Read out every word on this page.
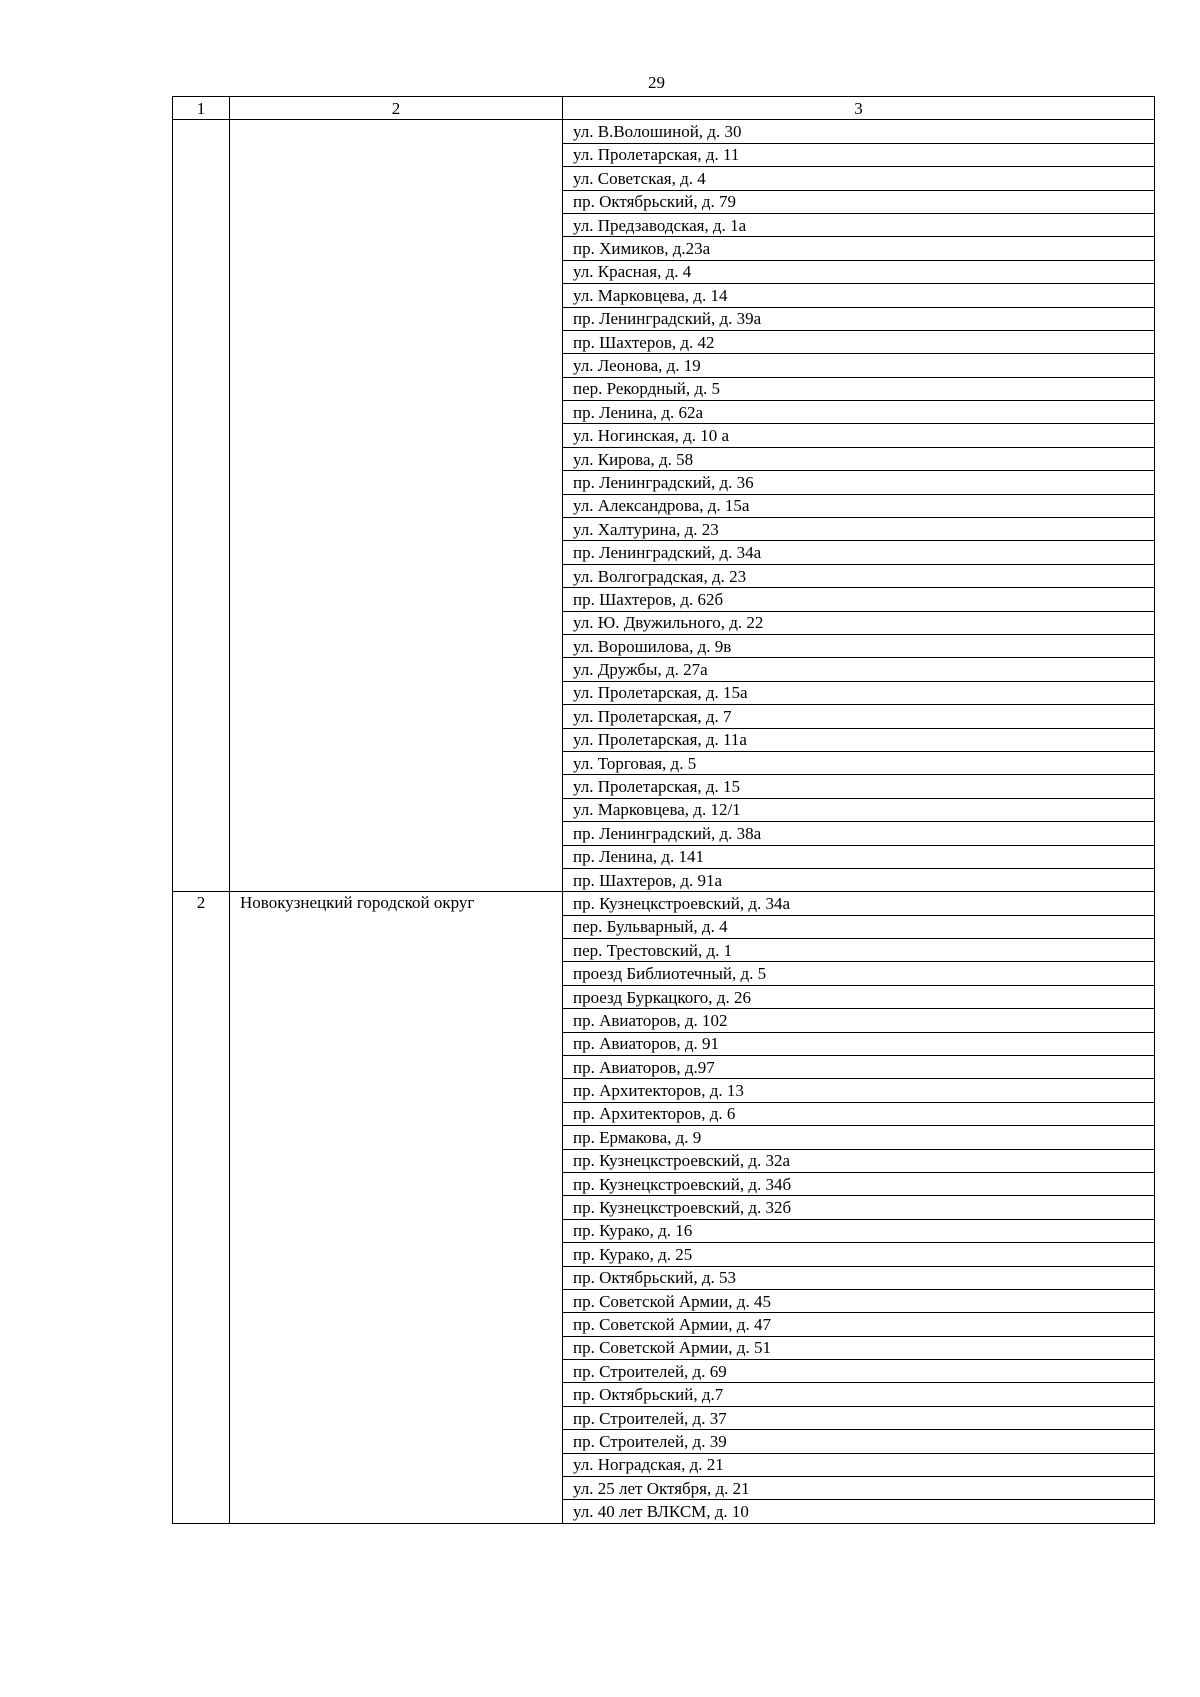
29
1	2	3
		ул. В.Волошиной, д. 30
		ул. Пролетарская, д. 11
		ул. Советская, д. 4
		пр. Октябрьский, д. 79
		ул. Предзаводская, д. 1а
		пр. Химиков, д.23а
		ул. Красная, д. 4
		ул. Марковцева, д. 14
		пр. Ленинградский, д. 39а
		пр. Шахтеров, д. 42
		ул. Леонова, д. 19
		пер. Рекордный, д. 5
		пр. Ленина, д. 62а
		ул. Ногинская, д. 10 а
		ул. Кирова, д. 58
		пр. Ленинградский, д. 36
		ул. Александрова, д. 15а
		ул. Халтурина, д. 23
		пр. Ленинградский, д. 34а
		ул. Волгоградская, д. 23
		пр. Шахтеров, д. 62б
		ул. Ю. Двужильного, д. 22
		ул. Ворошилова, д. 9в
		ул. Дружбы, д. 27а
		ул. Пролетарская, д. 15а
		ул. Пролетарская, д. 7
		ул. Пролетарская, д. 11а
		ул. Торговая, д. 5
		ул. Пролетарская, д. 15
		ул. Марковцева, д. 12/1
		пр. Ленинградский, д. 38а
		пр. Ленина, д. 141
		пр. Шахтеров, д. 91а
2	Новокузнецкий городской округ	пр. Кузнецкстроевский, д. 34а
		пер. Бульварный, д. 4
		пер. Трестовский, д. 1
		проезд Библиотечный, д. 5
		проезд Буркацкого, д. 26
		пр. Авиаторов, д. 102
		пр. Авиаторов, д. 91
		пр. Авиаторов, д.97
		пр. Архитекторов, д. 13
		пр. Архитекторов, д. 6
		пр. Ермакова, д. 9
		пр. Кузнецкстроевский, д. 32а
		пр. Кузнецкстроевский, д. 34б
		пр. Кузнецкстроевский, д. 32б
		пр. Курако, д. 16
		пр. Курако, д. 25
		пр. Октябрьский, д. 53
		пр. Советской Армии, д. 45
		пр. Советской Армии, д. 47
		пр. Советской Армии, д. 51
		пр. Строителей, д. 69
		пр. Октябрьский, д.7
		пр. Строителей, д. 37
		пр. Строителей, д. 39
		ул. Ноградская, д. 21
		ул. 25 лет Октября, д. 21
		ул. 40 лет ВЛКСМ, д. 10
